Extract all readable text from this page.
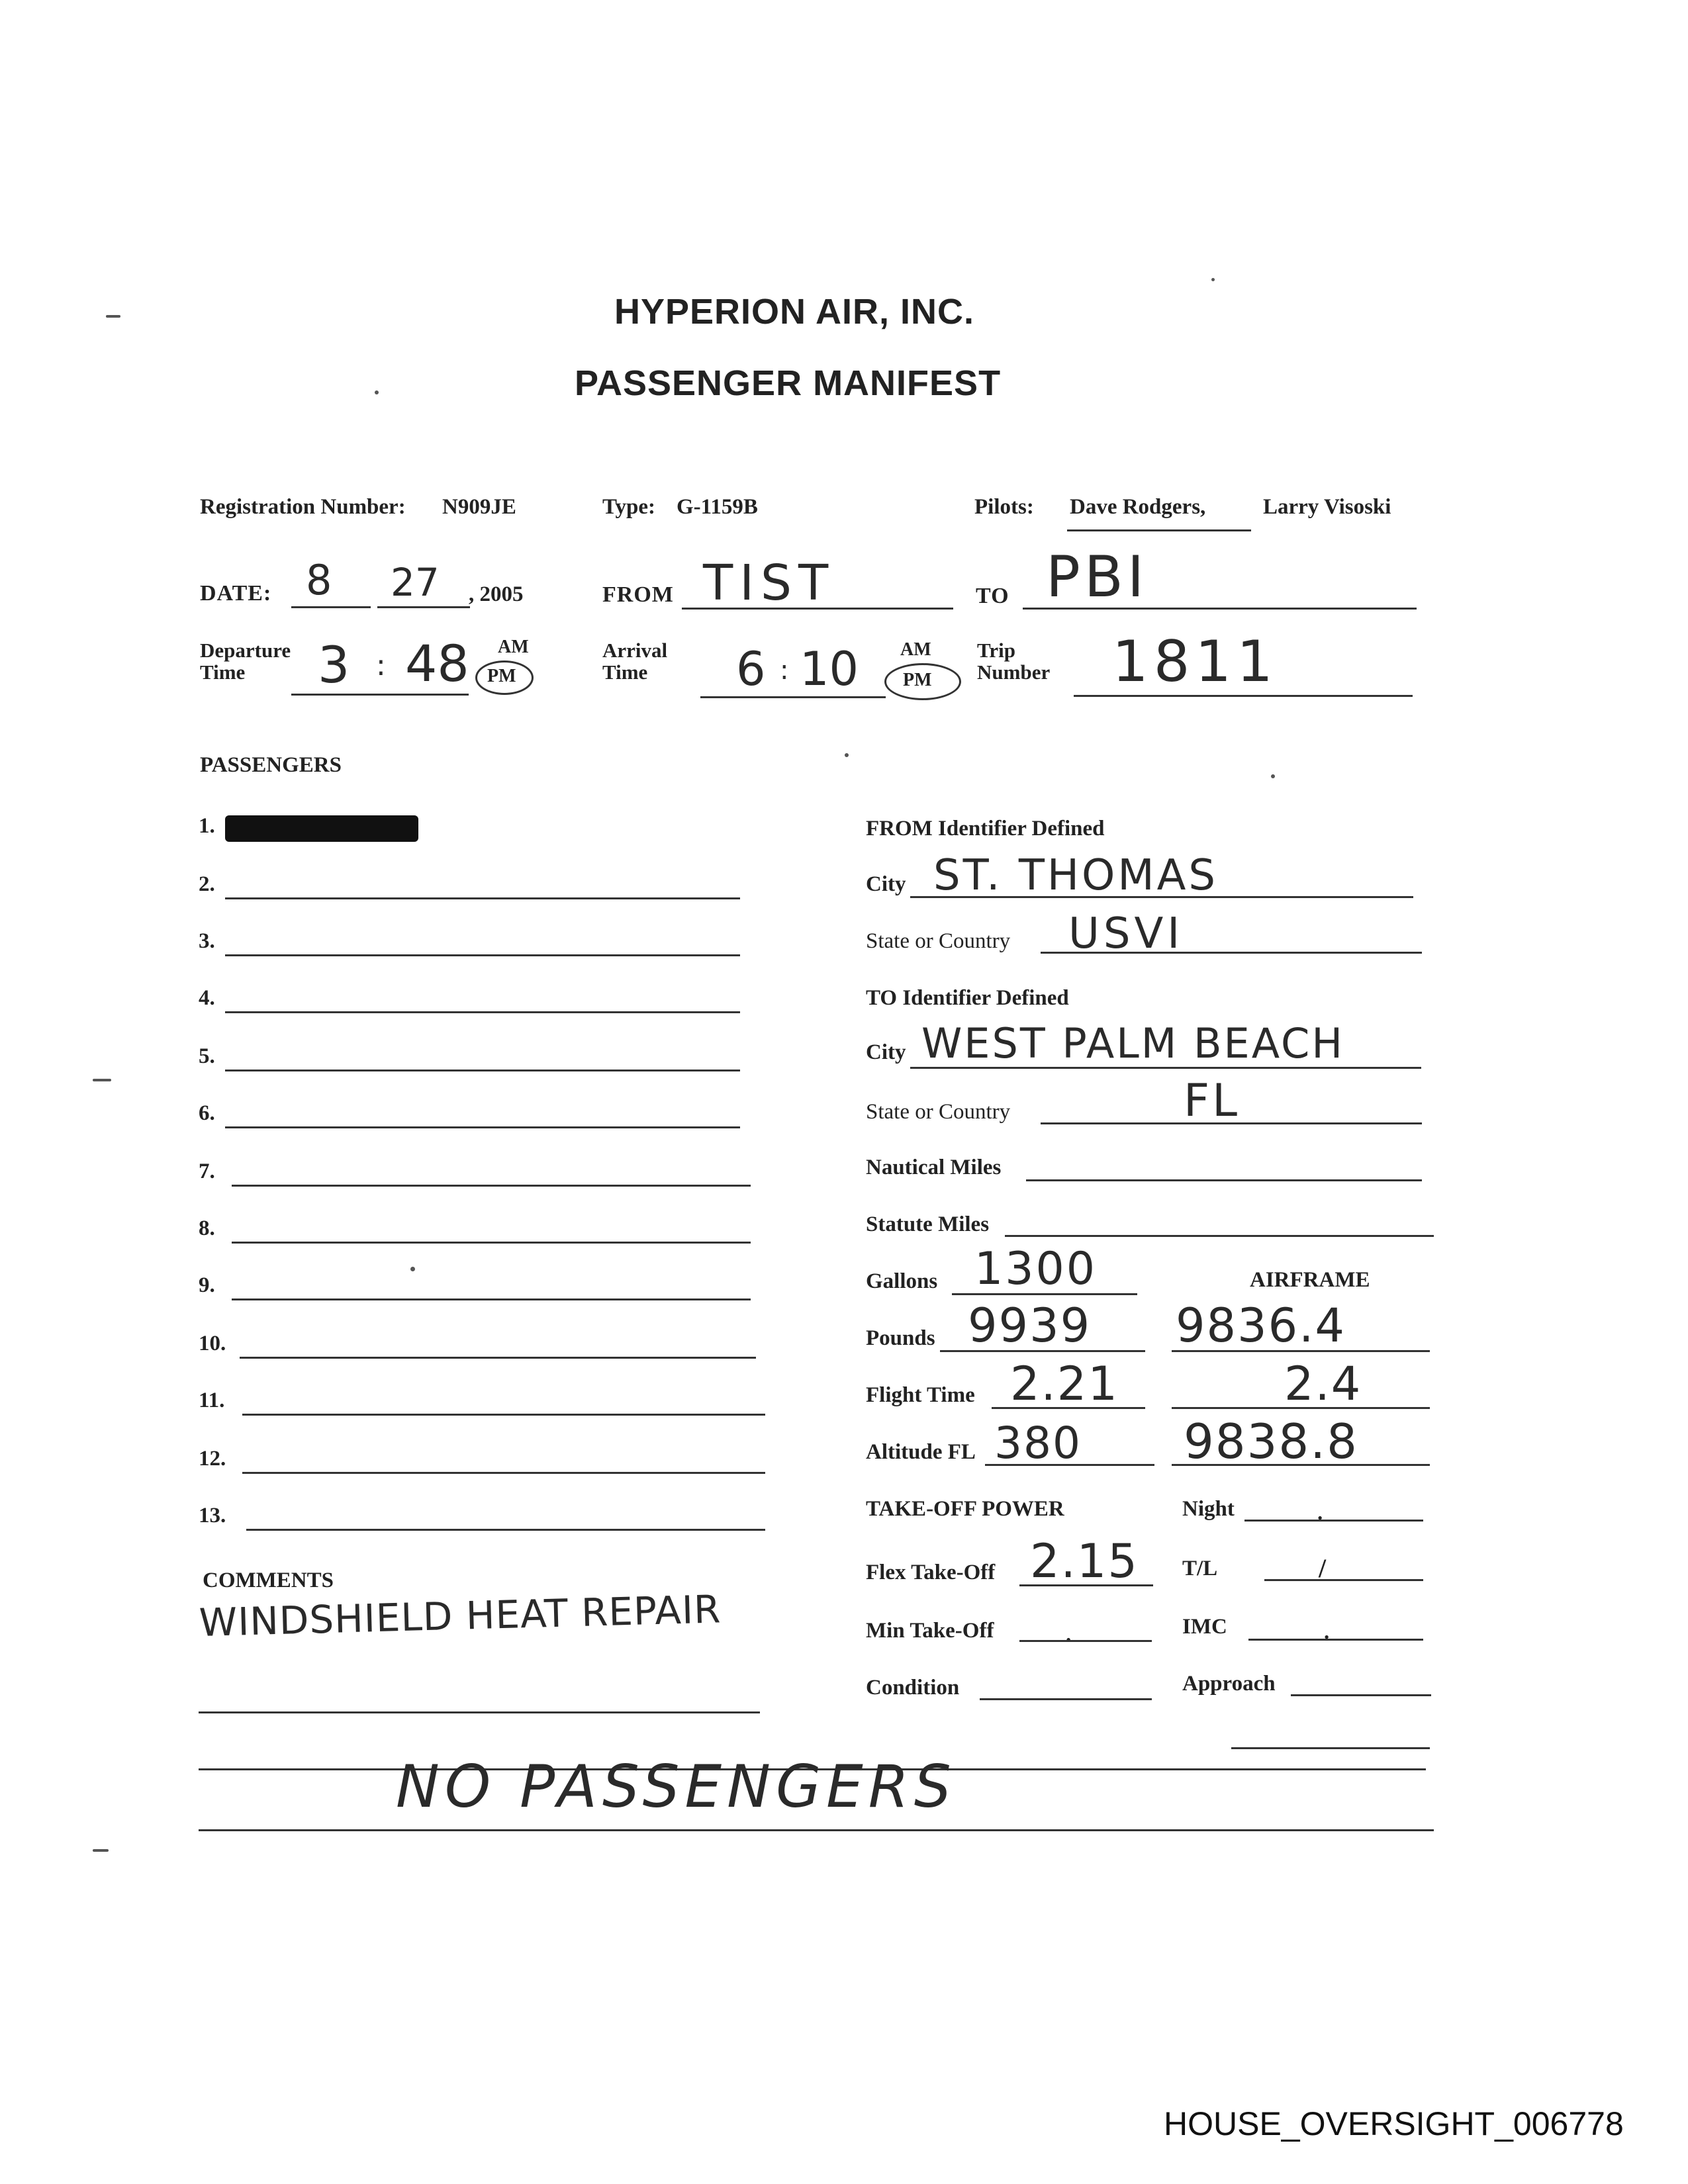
HYPERION AIR, INC.
PASSENGER MANIFEST
Registration Number: N909JE	Type: G-1159B	Pilots: Dave Rodgers,	Larry Visoski
DATE: 8 27 , 2005	FROM TIST	TO PBI
Departure
Time	3 : 48 AM
PM
Arrival
Time	6 : 10 AM
PM
Trip
Number 1811
PASSENGERS
1.
2.
3.
4.
5.
6.
7.
8.
9.
10.
11.
12.
13.
FROM Identifier Defined
City ST. THOMAS
State or Country USVI
TO Identifier Defined
City WEST PALM BEACH
State or Country	FL
Nautical Miles
Statute Miles
Gallons 1300	AIRFRAME
Pounds 9939 9836.4
Flight Time 2.21	2.4
Altitude FL 380 9838.8
TAKE-OFF POWER	Night	.
Flex Take-Off 2.15 T/L	/
Min Take-Off	.	IMC	.
Condition	Approach
COMMENTS
WINDSHIELD HEAT REPAIR
NO PASSENGERS
HOUSE_OVERSIGHT_006778
